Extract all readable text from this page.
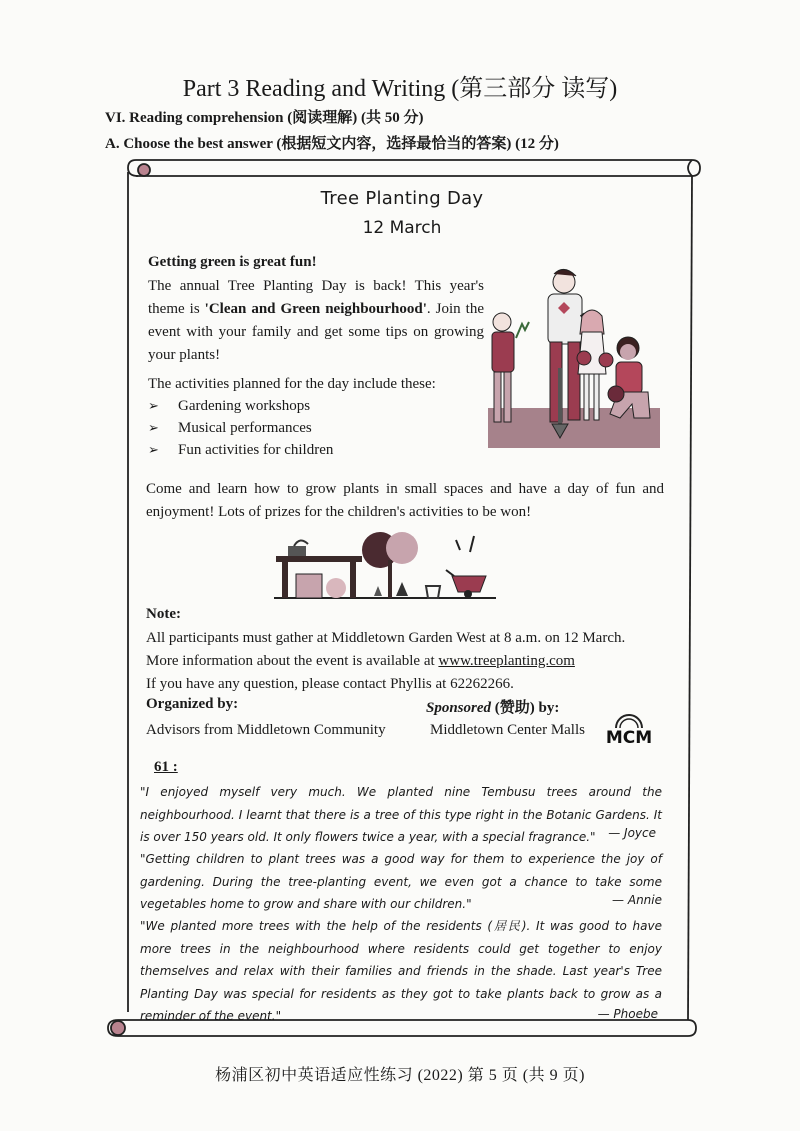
Part 3 Reading and Writing (第三部分 读写)
VI. Reading comprehension (阅读理解) (共 50 分)
A. Choose the best answer (根据短文内容，选择最恰当的答案) (12 分)
Tree Planting Day
12 March
Getting green is great fun!
The annual Tree Planting Day is back! This year's theme is 'Clean and Green neighbourhood'. Join the event with your family and get some tips on growing your plants!
The activities planned for the day include these:
➢ Gardening workshops
➢ Musical performances
➢ Fun activities for children
Come and learn how to grow plants in small spaces and have a day of fun and enjoyment! Lots of prizes for the children's activities to be won!
Note:
All participants must gather at Middletown Garden West at 8 a.m. on 12 March.
More information about the event is available at www.treeplanting.com
If you have any question, please contact Phyllis at 62262266.
Organized by:
Advisors from Middletown Community
Sponsored (赞助) by:
Middletown Center Malls MCM
61 :
"I enjoyed myself very much. We planted nine Tembusu trees around the neighbourhood. I learnt that there is a tree of this type right in the Botanic Gardens. It is over 150 years old. It only flowers twice a year, with a special fragrance."	— Joyce
"Getting children to plant trees was a good way for them to experience the joy of gardening. During the tree-planting event, we even got a chance to take some vegetables home to grow and share with our children."	— Annie
"We planted more trees with the help of the residents (居民). It was good to have more trees in the neighbourhood where residents could get together to enjoy themselves and relax with their families and friends in the shade. Last year's Tree Planting Day was special for residents as they got to take plants back to grow as a reminder of the event."	— Phoebe
杨浦区初中英语适应性练习 (2022) 第 5 页 (共 9 页)
